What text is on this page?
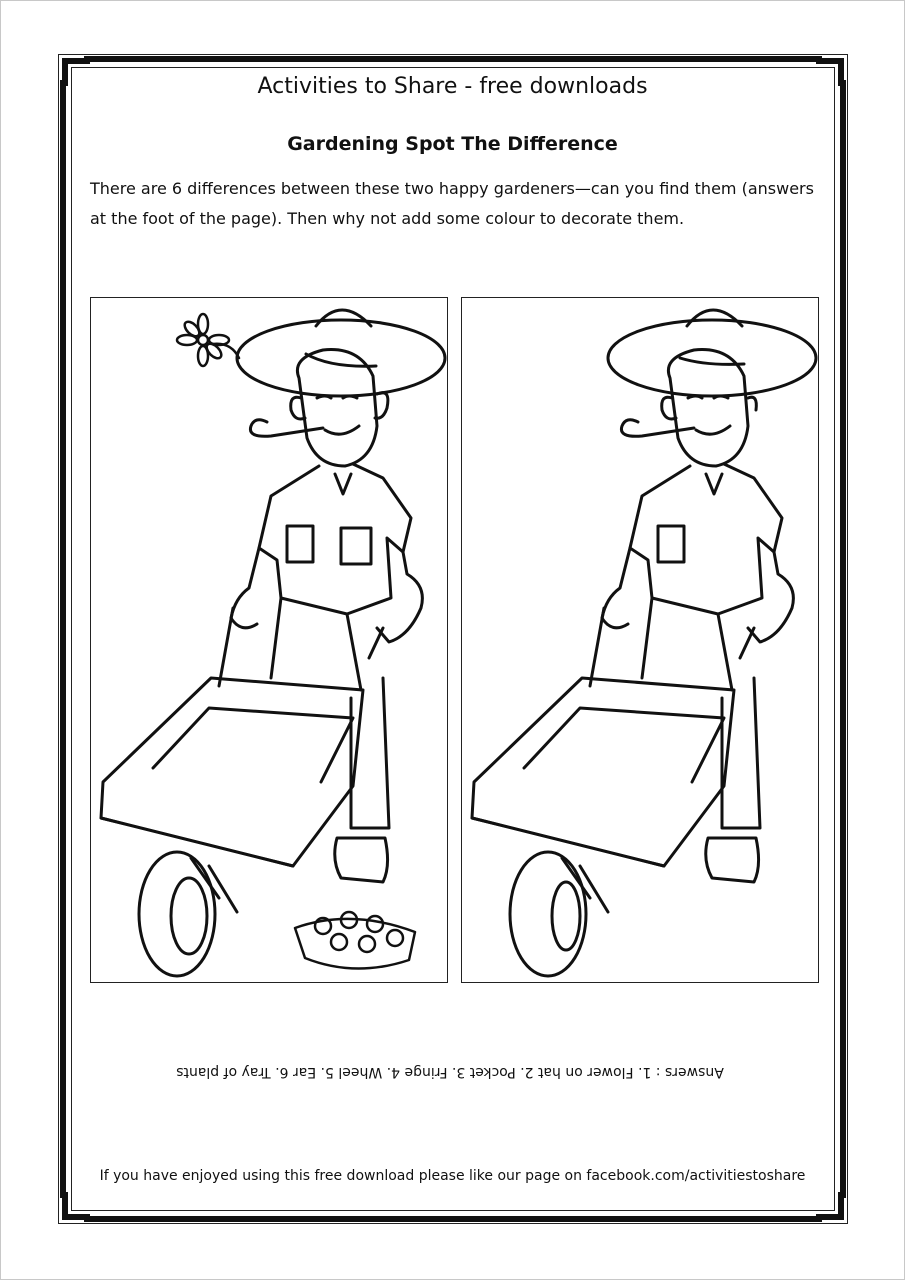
Activities to Share - free downloads
Gardening Spot The Difference
There are 6 differences between these two happy gardeners—can you find them (answers at the foot of the page). Then why not add some colour to decorate them.
Answers : 1. Flower on hat 2. Pocket 3. Fringe 4. Wheel 5. Ear 6. Tray of plants
If you have enjoyed using this free download please like our page on facebook.com/activitiestoshare
